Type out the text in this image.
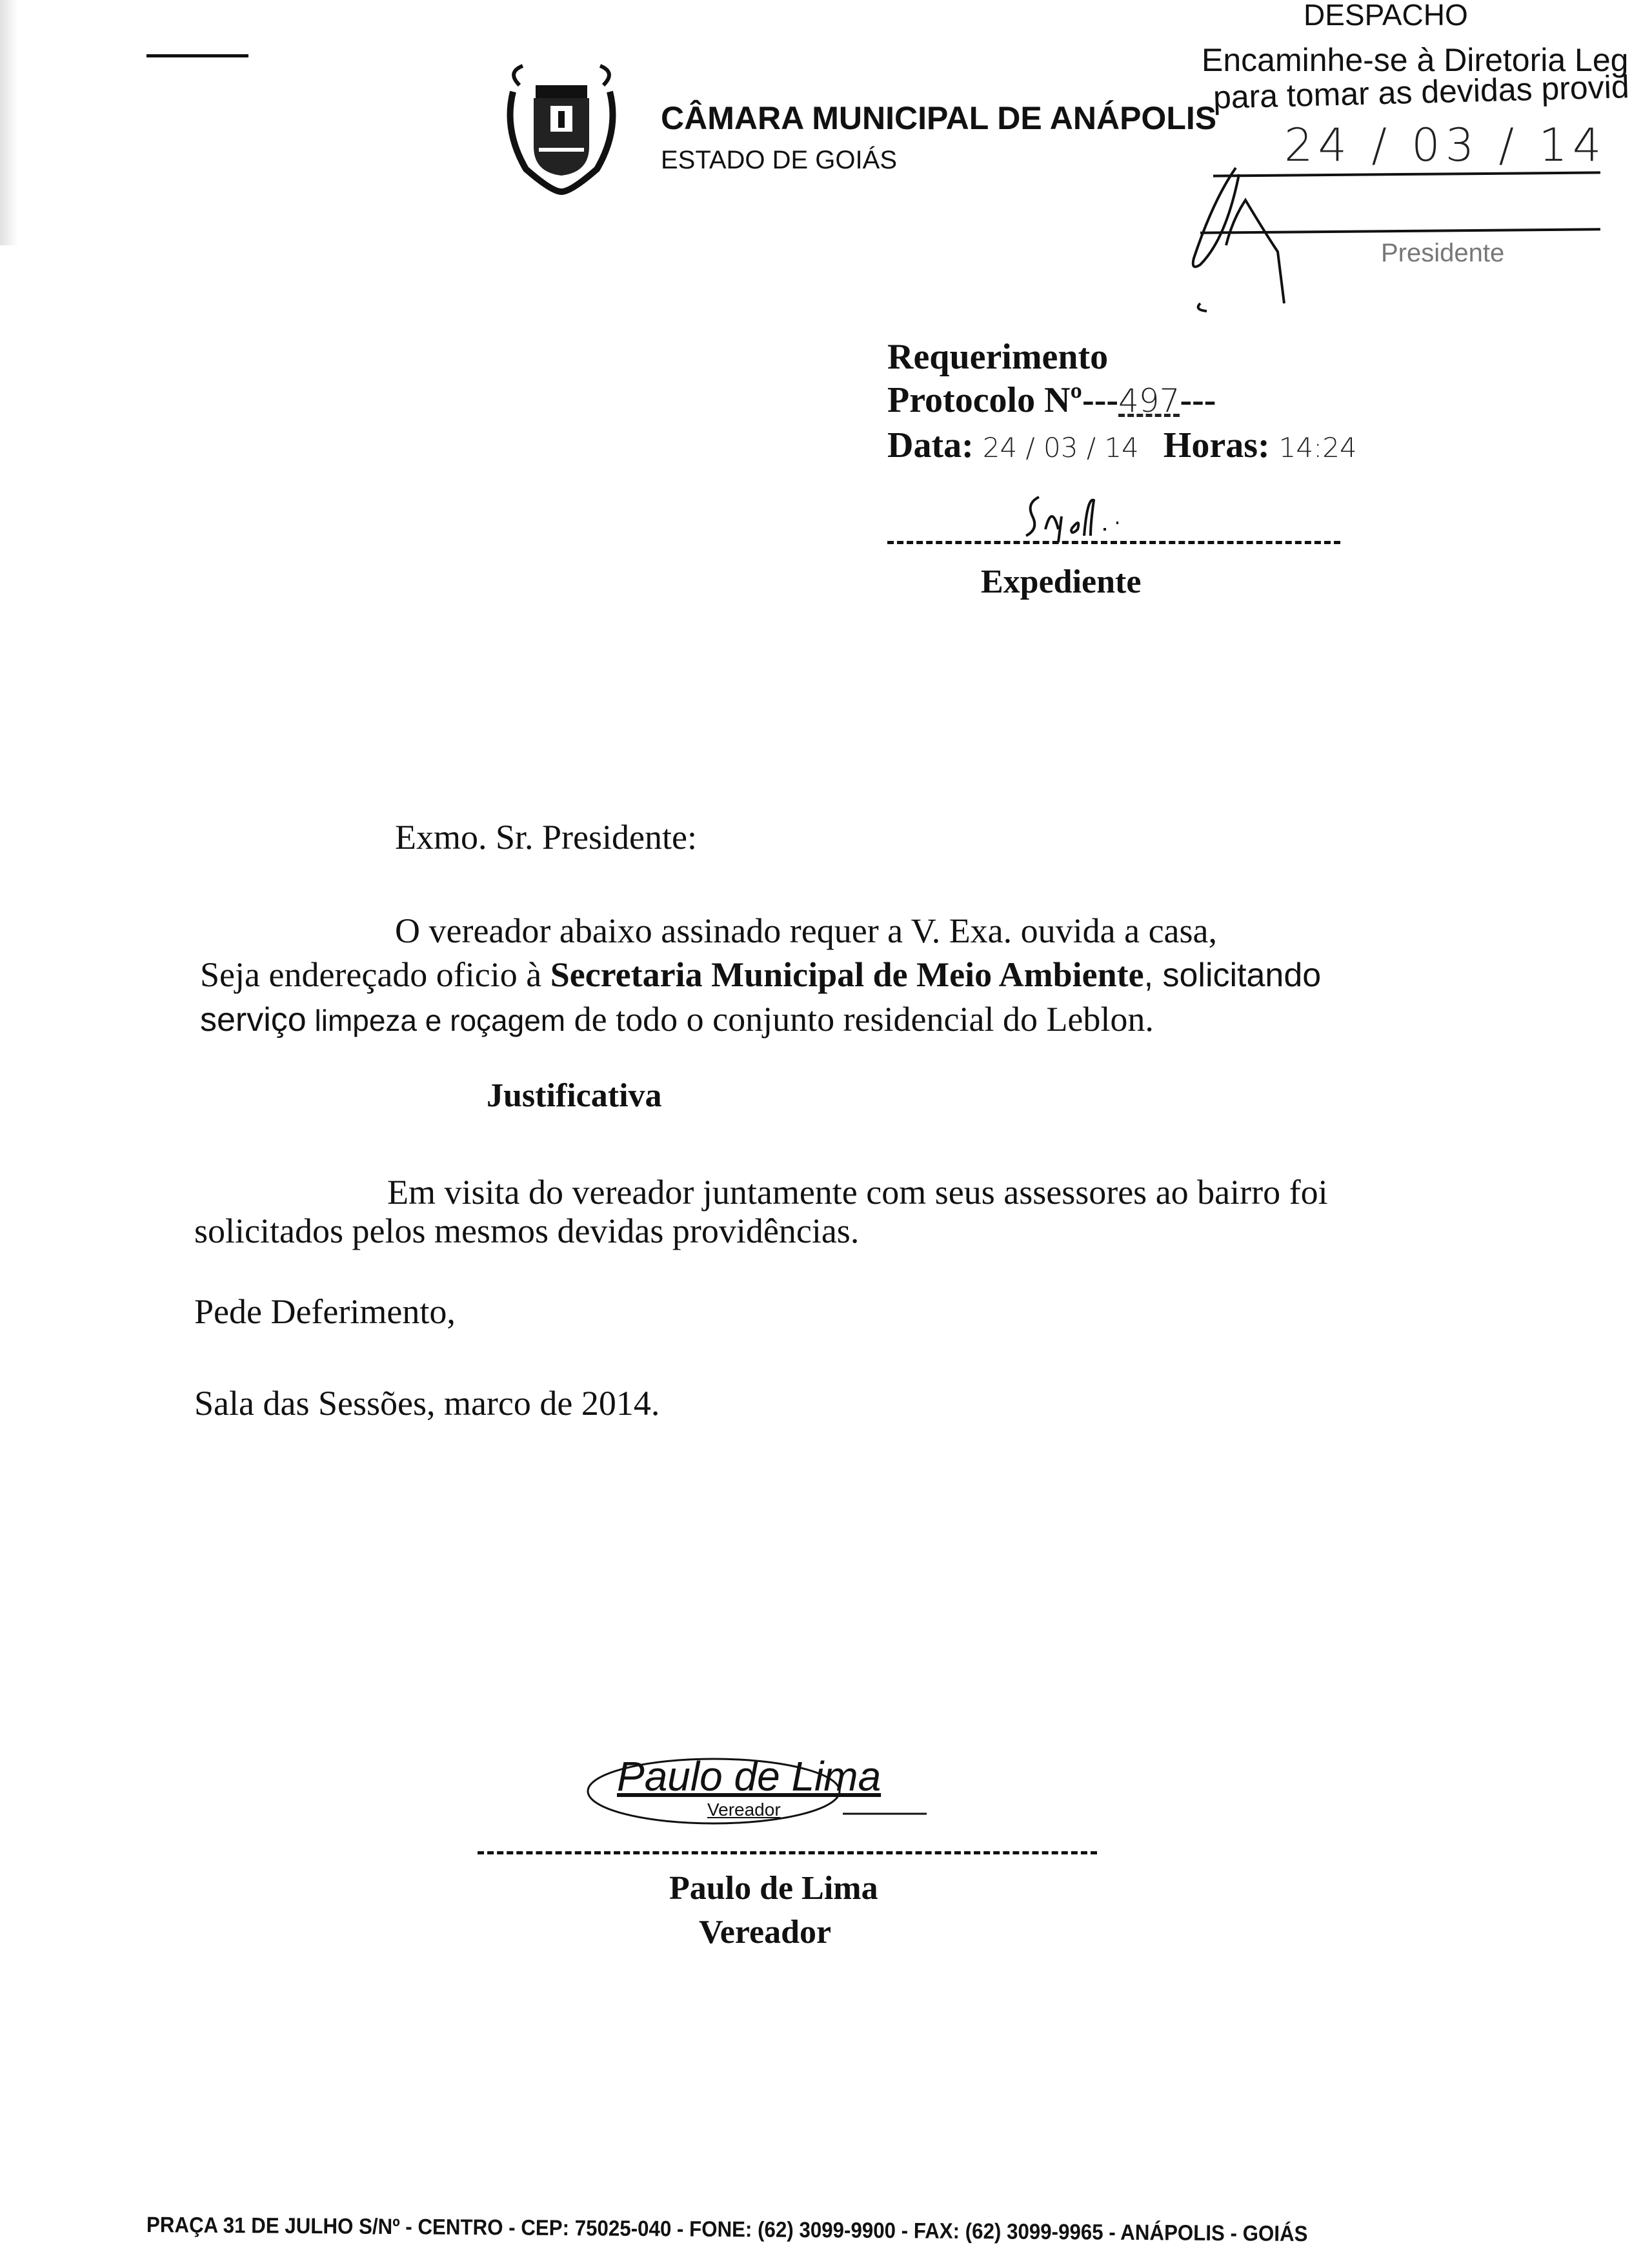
CÂMARA MUNICIPAL DE ANÁPOLIS
ESTADO DE GOIÁS
DESPACHO
Encaminhe-se à Diretoria Leg
para tomar as devidas provid
24 / 03 / 14
Presidente
Requerimento
Protocolo Nº---497---
Data: 24 / 03 / 14 Horas: 14:24
Expediente
Exmo. Sr. Presidente:
O vereador abaixo assinado requer a V. Exa. ouvida a casa,
Seja endereçado oficio à Secretaria Municipal de Meio Ambiente, solicitando
serviço limpeza e roçagem de todo o conjunto residencial do Leblon.
Justificativa
Em visita do vereador juntamente com seus assessores ao bairro foi
solicitados pelos mesmos devidas providências.
Pede Deferimento,
Sala das Sessões, marco de 2014.
Paulo de Lima
Vereador
Paulo de Lima
Vereador
PRAÇA 31 DE JULHO S/Nº - CENTRO - CEP: 75025-040 - FONE: (62) 3099-9900 - FAX: (62) 3099-9965 - ANÁPOLIS - GOIÁS
